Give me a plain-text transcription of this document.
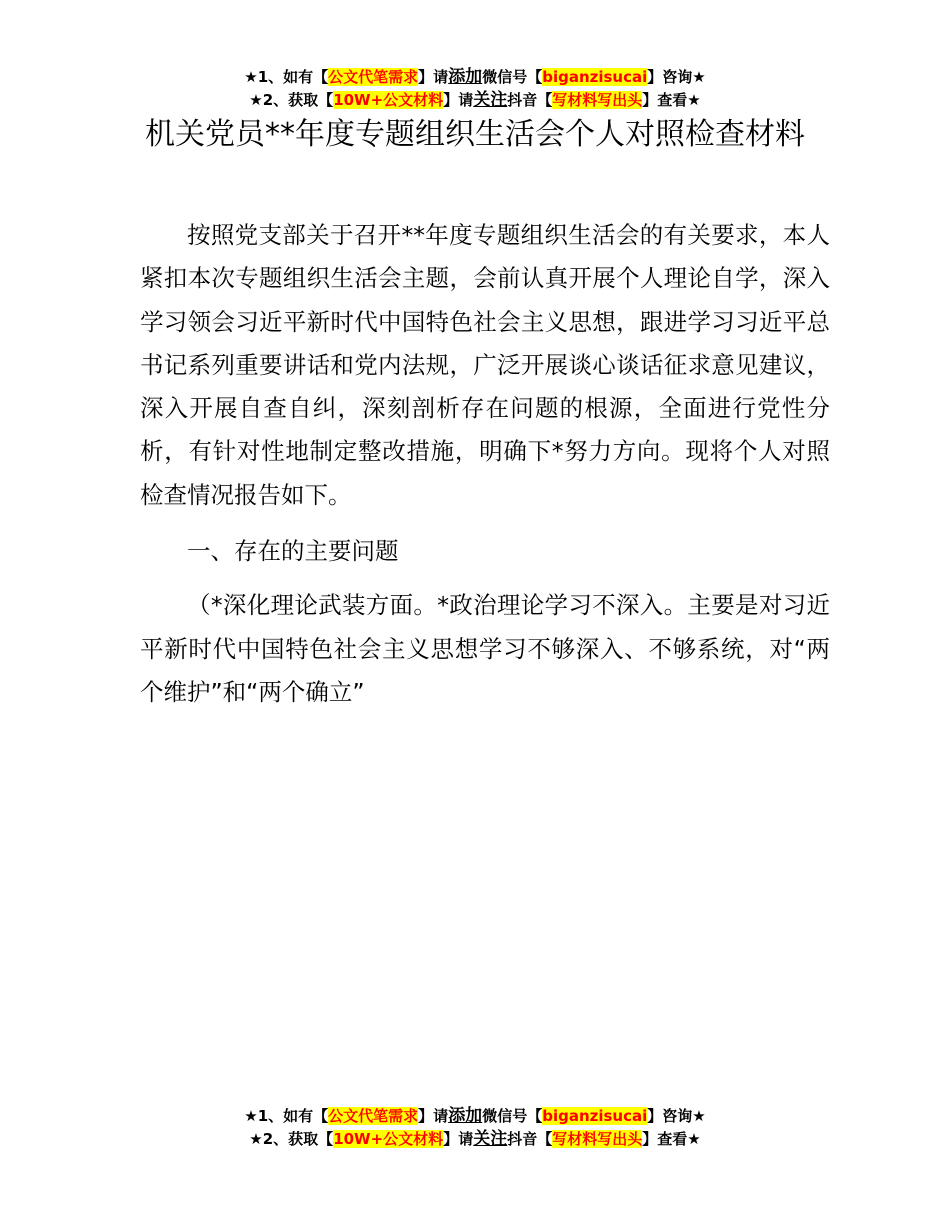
★1、如有【公文代笔需求】请添加微信号【biganzisucai】咨询★
★2、获取【10W+公文材料】请关注抖音【写材料写出头】查看★
机关党员**年度专题组织生活会个人对照检查材料

按照党支部关于召开**年度专题组织生活会的有关要求，本人紧扣本次专题组织生活会主题，会前认真开展个人理论自学，深入学习领会习近平新时代中国特色社会主义思想，跟进学习习近平总书记系列重要讲话和党内法规，广泛开展谈心谈话征求意见建议，深入开展自查自纠，深刻剖析存在问题的根源，全面进行党性分析，有针对性地制定整改措施，明确下*努力方向。现将个人对照检查情况报告如下。

一、存在的主要问题

（*深化理论武装方面。*政治理论学习不深入。主要是对习近平新时代中国特色社会主义思想学习不够深入、不够系统，对“两个维护”和“两个确立”

★1、如有【公文代笔需求】请添加微信号【biganzisucai】咨询★
★2、获取【10W+公文材料】请关注抖音【写材料写出头】查看★
